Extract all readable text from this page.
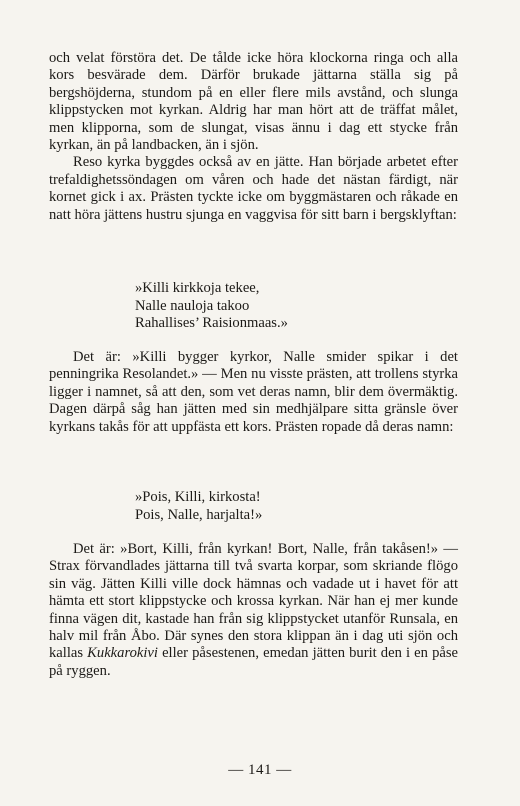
och velat förstöra det. De tålde icke höra klockorna ringa och alla kors besvärade dem. Därför brukade jättarna ställa sig på bergshöjderna, stundom på en eller flere mils avstånd, och slunga klippstycken mot kyrkan. Aldrig har man hört att de träffat målet, men klipporna, som de slungat, visas ännu i dag ett stycke från kyrkan, än på landbacken, än i sjön.

Reso kyrka byggdes också av en jätte. Han började arbetet efter trefaldighetssöndagen om våren och hade det nästan färdigt, när kornet gick i ax. Prästen tyckte icke om byggmästaren och råkade en natt höra jättens hustru sjunga en vaggvisa för sitt barn i bergsklyftan:

»Killi kirkkoja tekee,
Nalle nauloja takoo
Rahallises’ Raisionmaas.»

Det är: »Killi bygger kyrkor, Nalle smider spikar i det penningrika Resolandet.» — Men nu visste prästen, att trollens styrka ligger i namnet, så att den, som vet deras namn, blir dem övermäktig. Dagen därpå såg han jätten med sin medhjälpare sitta gränsle över kyrkans takås för att uppfästa ett kors. Prästen ropade då deras namn:

»Pois, Killi, kirkosta!
Pois, Nalle, harjalta!»

Det är: »Bort, Killi, från kyrkan! Bort, Nalle, från takåsen!» — Strax förvandlades jättarna till två svarta korpar, som skriande flögo sin väg. Jätten Killi ville dock hämnas och vadade ut i havet för att hämta ett stort klippstycke och krossa kyrkan. När han ej mer kunde finna vägen dit, kastade han från sig klippstycket utanför Runsala, en halv mil från Åbo. Där synes den stora klippan än i dag uti sjön och kallas Kukkarokivi eller påsestenen, emedan jätten burit den i en påse på ryggen.

— 141 —
